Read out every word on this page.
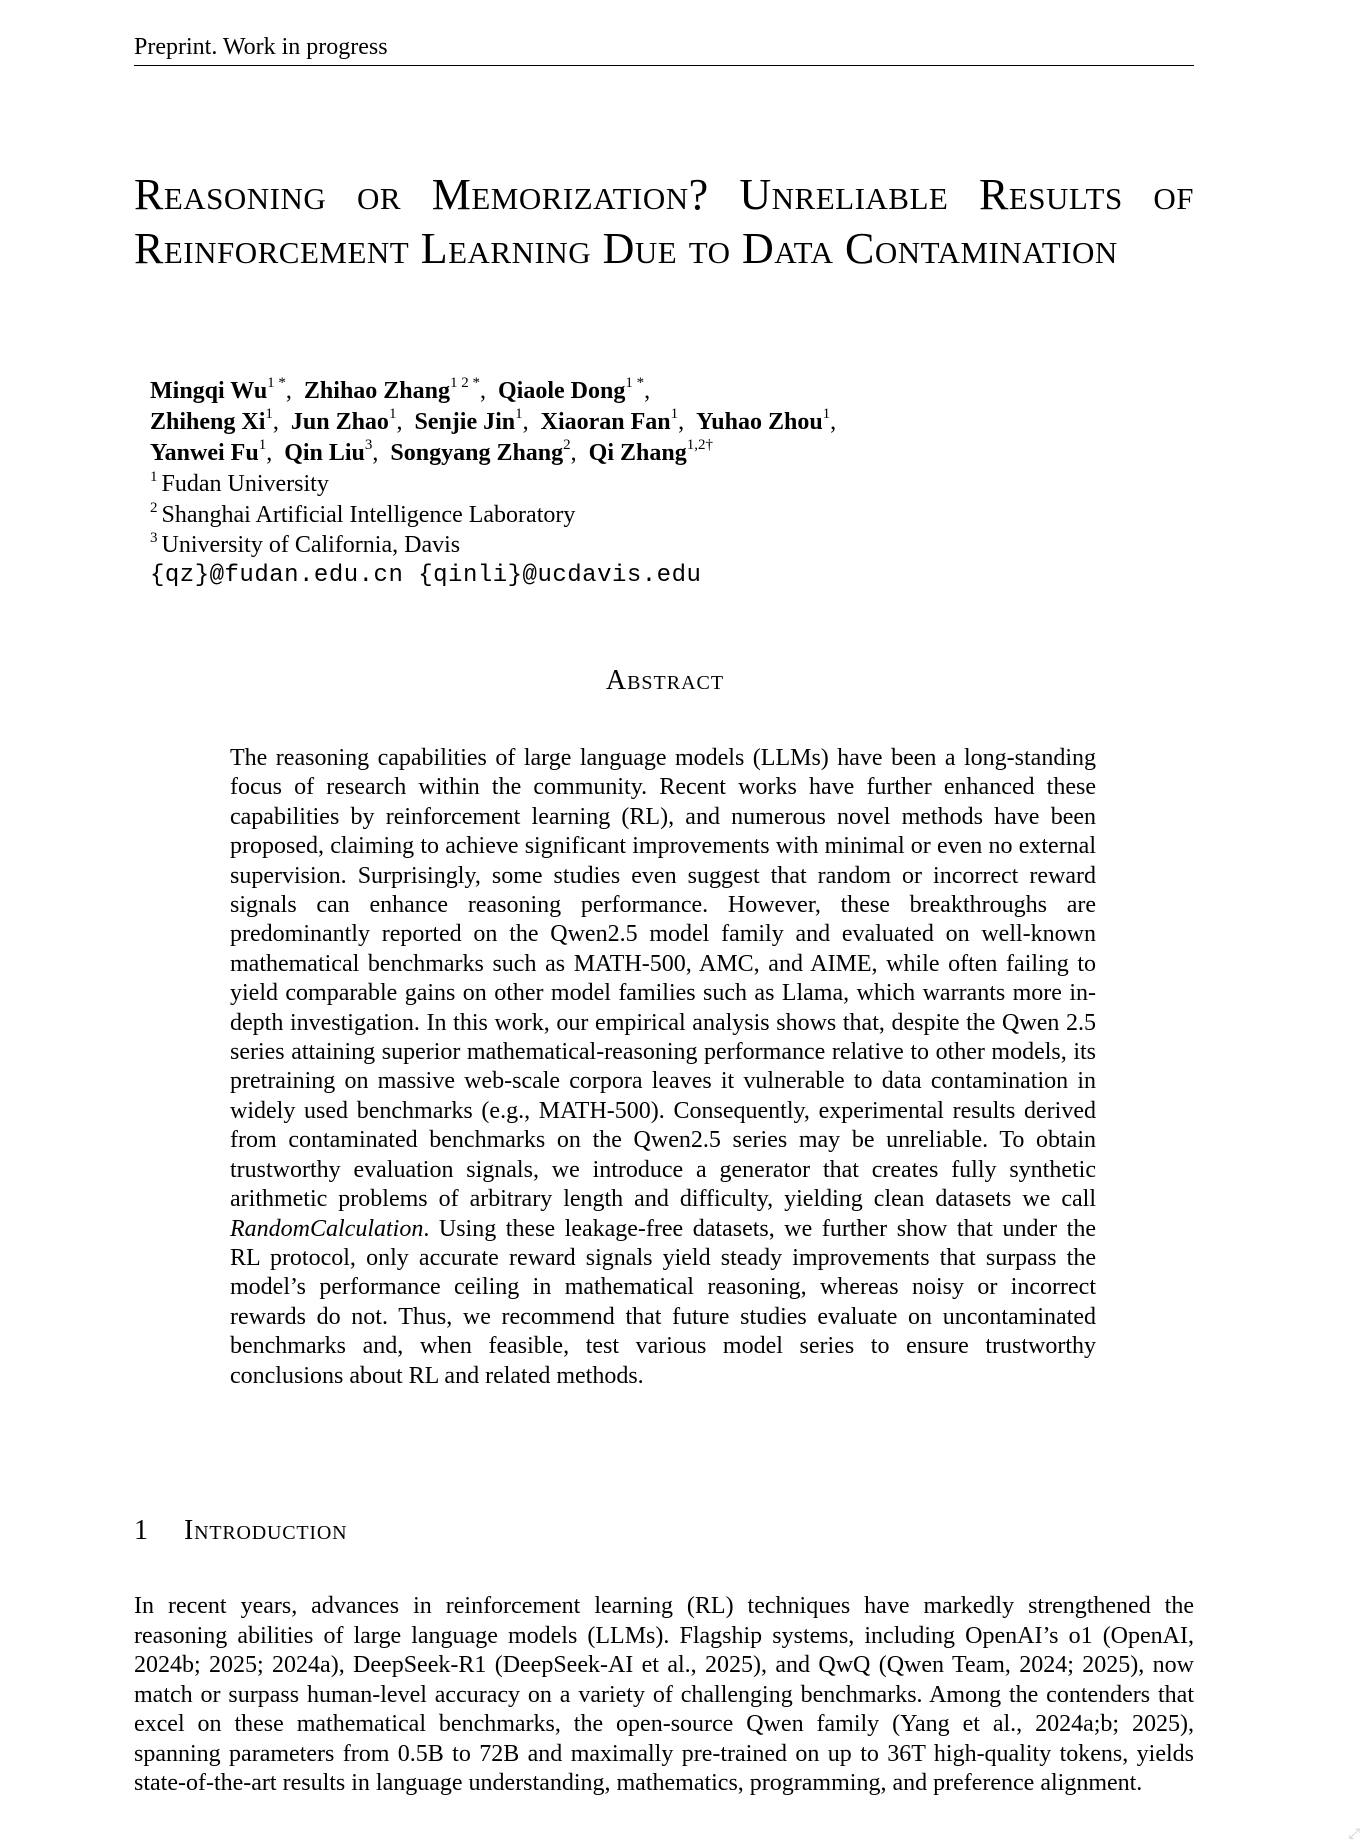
Preprint. Work in progress
Reasoning or Memorization? Unreliable Results of Reinforcement Learning Due to Data Contamination
Mingqi $Wu^{1 *}$,  Zhihao Zhang$^{1 2 *}$,  Qiaole Dong$^{1 *}$,
Zhiheng Xi$^1$,  Jun Zhao$^1$,  Senjie Jin$^1$,  Xiaoran Fan$^1$,  Yuhao Zhou$^1$,
Yanwei Fu$^1$,  Qin Liu$^3$,  Songyang Zhang$^2$,  Qi Zhang$^{1,2\dagger}$
$^1$ Fudan University
$^2$ Shanghai Artificial Intelligence Laboratory
$^3$ University of California, Davis
{qz}@fudan.edu.cn {qinli}@ucdavis.edu
Abstract
The reasoning capabilities of large language models (LLMs) have been a long-standing focus of research within the community. Recent works have further enhanced these capabilities by reinforcement learning (RL), and numerous novel methods have been proposed, claiming to achieve significant improvements with minimal or even no external supervision. Surprisingly, some studies even suggest that random or incorrect reward signals can enhance reasoning performance. However, these breakthroughs are predominantly reported on the Qwen2.5 model family and evaluated on well-known mathematical benchmarks such as MATH-500, AMC, and AIME, while often failing to yield comparable gains on other model families such as Llama, which warrants more in-depth investigation. In this work, our empirical analysis shows that, despite the Qwen 2.5 series attaining superior mathematical-reasoning performance relative to other models, its pretraining on massive web-scale corpora leaves it vulnerable to data contamination in widely used benchmarks (e.g., MATH-500). Consequently, experimental results derived from contaminated benchmarks on the Qwen2.5 series may be unreliable. To obtain trustworthy evaluation signals, we introduce a generator that creates fully synthetic arithmetic problems of arbitrary length and difficulty, yielding clean datasets we call RandomCalculation. Using these leakage-free datasets, we further show that under the RL protocol, only accurate reward signals yield steady improvements that surpass the model’s performance ceiling in mathematical reasoning, whereas noisy or incorrect rewards do not. Thus, we recommend that future studies evaluate on uncontaminated benchmarks and, when feasible, test various model series to ensure trustworthy conclusions about RL and related methods.
1 Introduction
In recent years, advances in reinforcement learning (RL) techniques have markedly strengthened the reasoning abilities of large language models (LLMs). Flagship systems, including OpenAI’s o1 (OpenAI, 2024b; 2025; 2024a), DeepSeek-R1 (DeepSeek-AI et al., 2025), and QwQ (Qwen Team, 2024; 2025), now match or surpass human-level accuracy on a variety of challenging benchmarks. Among the contenders that excel on these mathematical benchmarks, the open-source Qwen family (Yang et al., 2024a;b; 2025), spanning parameters from 0.5B to 72B and maximally pre-trained on up to 36T high-quality tokens, yields state-of-the-art results in language understanding, mathematics, programming, and preference alignment.
⤢
